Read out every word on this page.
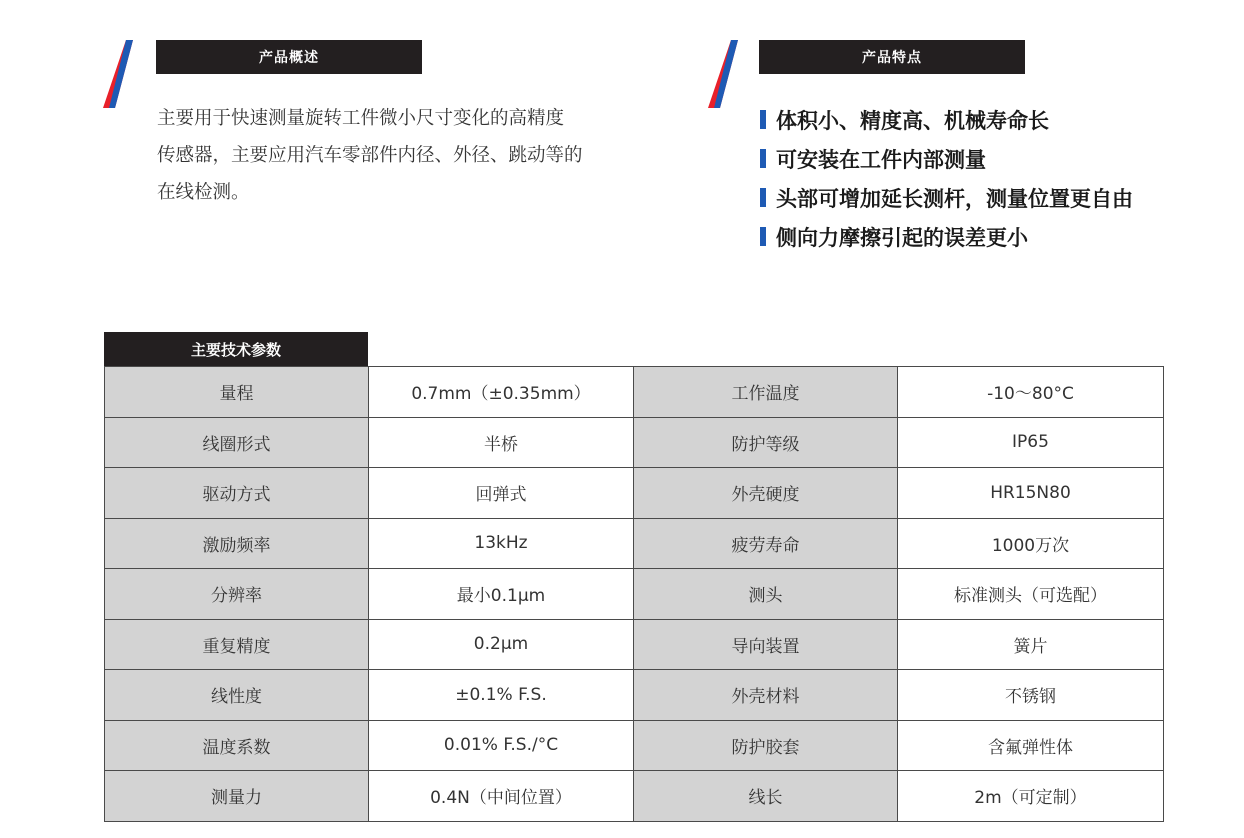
产品概述

主要用于快速测量旋转工件微小尺寸变化的高精度

传感器，主要应用汽车零部件内径、外径、跳动等的

在线检测。

产品特点
体积小、精度高、机械寿命长
可安装在工件内部测量
头部可增加延长测杆，测量位置更自由
侧向力摩擦引起的误差更小
主要技术参数
量程	0.7mm（±0.35mm）	工作温度	-10～80°C
线圈形式	半桥	防护等级	IP65
驱动方式	回弹式	外壳硬度	HR15N80
激励频率	13kHz	疲劳寿命	1000万次
分辨率	最小0.1μm	测头	标准测头（可选配）
重复精度	0.2μm	导向装置	簧片
线性度	±0.1% F.S.	外壳材料	不锈钢
温度系数	0.01% F.S./°C	防护胶套	含氟弹性体
测量力	0.4N（中间位置）	线长	2m（可定制）
